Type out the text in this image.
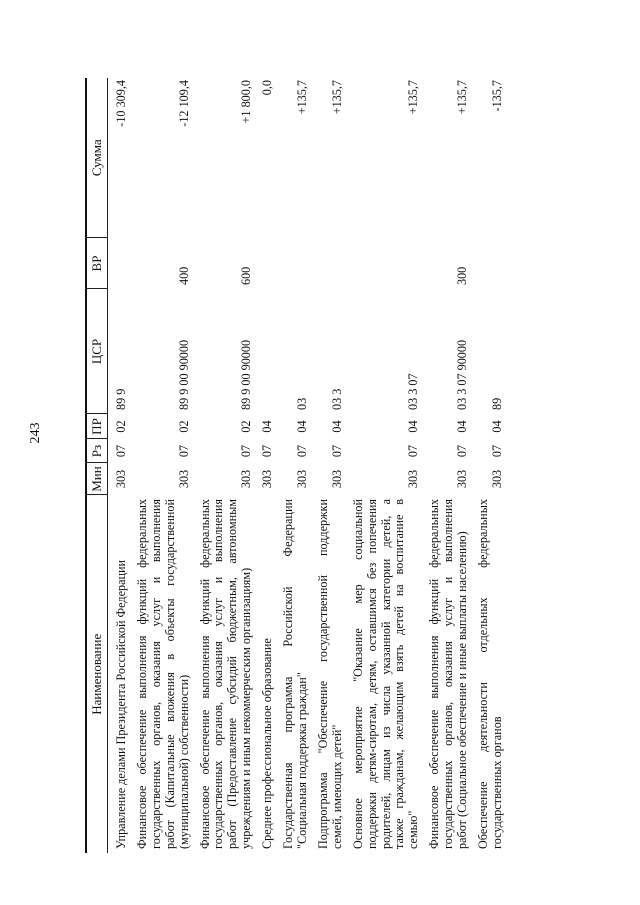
243
Наименование	Мин	Рз	ПР	ЦСР	ВР	Сумма

Управление делами Президента Российской Федерации	303	07	02	89 9		-10 309,4

Финансовое обеспечение выполнения функций федеральных государственных органов, оказания услуг и выполнения работ (Капитальные вложения в объекты государственной (муниципальной) собственности)	303	07	02	89 9 00 90000	400	-12 109,4

Финансовое обеспечение выполнения функций федеральных государственных органов, оказания услуг и выполнения работ (Предоставление субсидий бюджетным, автономным учреждениям и иным некоммерческим организациям)	303	07	02	89 9 00 90000	600	+1 800,0

Среднее профессиональное образование	303	07	04			0,0

Государственная программа Российской Федерации "Социальная поддержка граждан"	303	07	04	03		+135,7

Подпрограмма "Обеспечение государственной поддержки семей, имеющих детей"	303	07	04	03 3		+135,7

Основное мероприятие "Оказание мер социальной поддержки детям-сиротам, детям, оставшимся без попечения родителей, лицам из числа указанной категории детей, а также гражданам, желающим взять детей на воспитание в семью"	303	07	04	03 3 07		+135,7

Финансовое обеспечение выполнения функций федеральных государственных органов, оказания услуг и выполнения работ (Социальное обеспечение и иные выплаты населению)	303	07	04	03 3 07 90000	300	+135,7

Обеспечение деятельности отдельных федеральных государственных органов	303	07	04	89		-135,7
